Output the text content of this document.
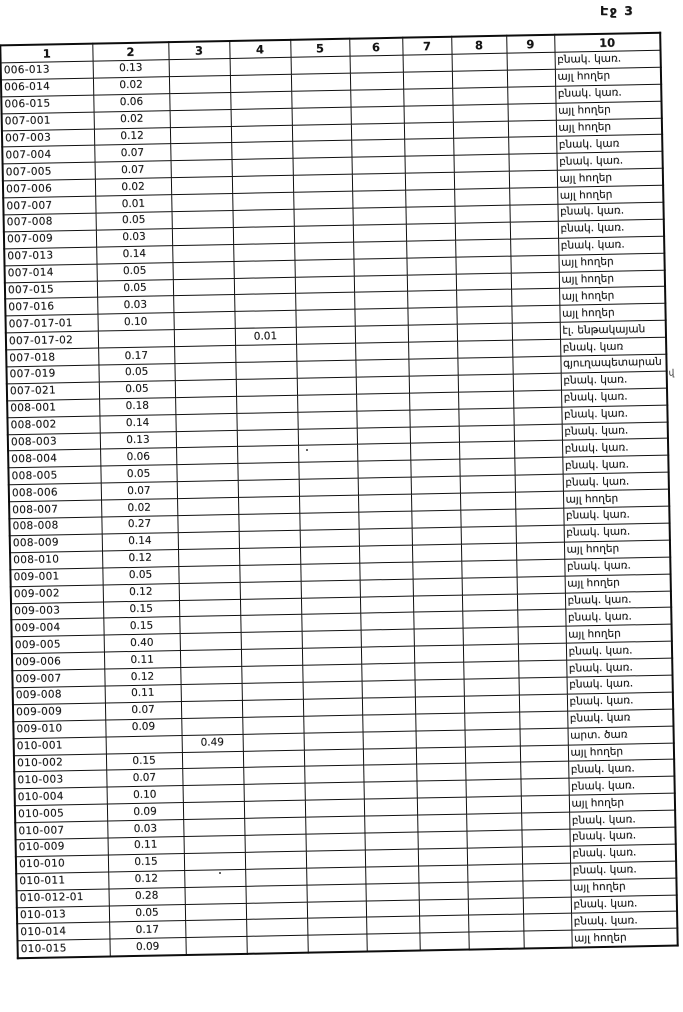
Էջ 3
1	2	3	4	5	6	7	8	9	10
006-013	0.13								բնակ. կառ.
006-014	0.02								այլ հողեր
006-015	0.06								բնակ. կառ.
007-001	0.02								այլ հողեր
007-003	0.12								այլ հողեր
007-004	0.07								բնակ. կառ
007-005	0.07								բնակ. կառ.
007-006	0.02								այլ հողեր
007-007	0.01								այլ հողեր
007-008	0.05								բնակ. կառ.
007-009	0.03								բնակ. կառ.
007-013	0.14								բնակ. կառ.
007-014	0.05								այլ հողեր
007-015	0.05								այլ հողեր
007-016	0.03								այլ հողեր
007-017-01	0.10								այլ հողեր
007-017-02			0.01						էլ. ենթակայան
007-018	0.17								բնակ. կառ
007-019	0.05								գյուղապետարան
007-021	0.05								բնակ. կառ.
008-001	0.18								բնակ. կառ.
008-002	0.14								բնակ. կառ.
008-003	0.13								բնակ. կառ.
008-004	0.06								բնակ. կառ.
008-005	0.05								բնակ. կառ.
008-006	0.07								բնակ. կառ.
008-007	0.02								այլ հողեր
008-008	0.27								բնակ. կառ.
008-009	0.14								բնակ. կառ.
008-010	0.12								այլ հողեր
009-001	0.05								բնակ. կառ.
009-002	0.12								այլ հողեր
009-003	0.15								բնակ. կառ.
009-004	0.15								բնակ. կառ.
009-005	0.40								այլ հողեր
009-006	0.11								բնակ. կառ.
009-007	0.12								բնակ. կառ.
009-008	0.11								բնակ. կառ.
009-009	0.07								բնակ. կառ.
009-010	0.09								բնակ. կառ
010-001		0.49							արտ. ծառ
010-002	0.15								այլ հողեր
010-003	0.07								բնակ. կառ.
010-004	0.10								բնակ. կառ.
010-005	0.09								այլ հողեր
010-007	0.03								բնակ. կառ.
010-009	0.11								բնակ. կառ.
010-010	0.15								բնակ. կառ.
010-011	0.12								բնակ. կառ.
010-012-01	0.28								այլ հողեր
010-013	0.05								բնակ. կառ.
010-014	0.17								բնակ. կառ.
010-015	0.09								այլ հողեր
.վ
